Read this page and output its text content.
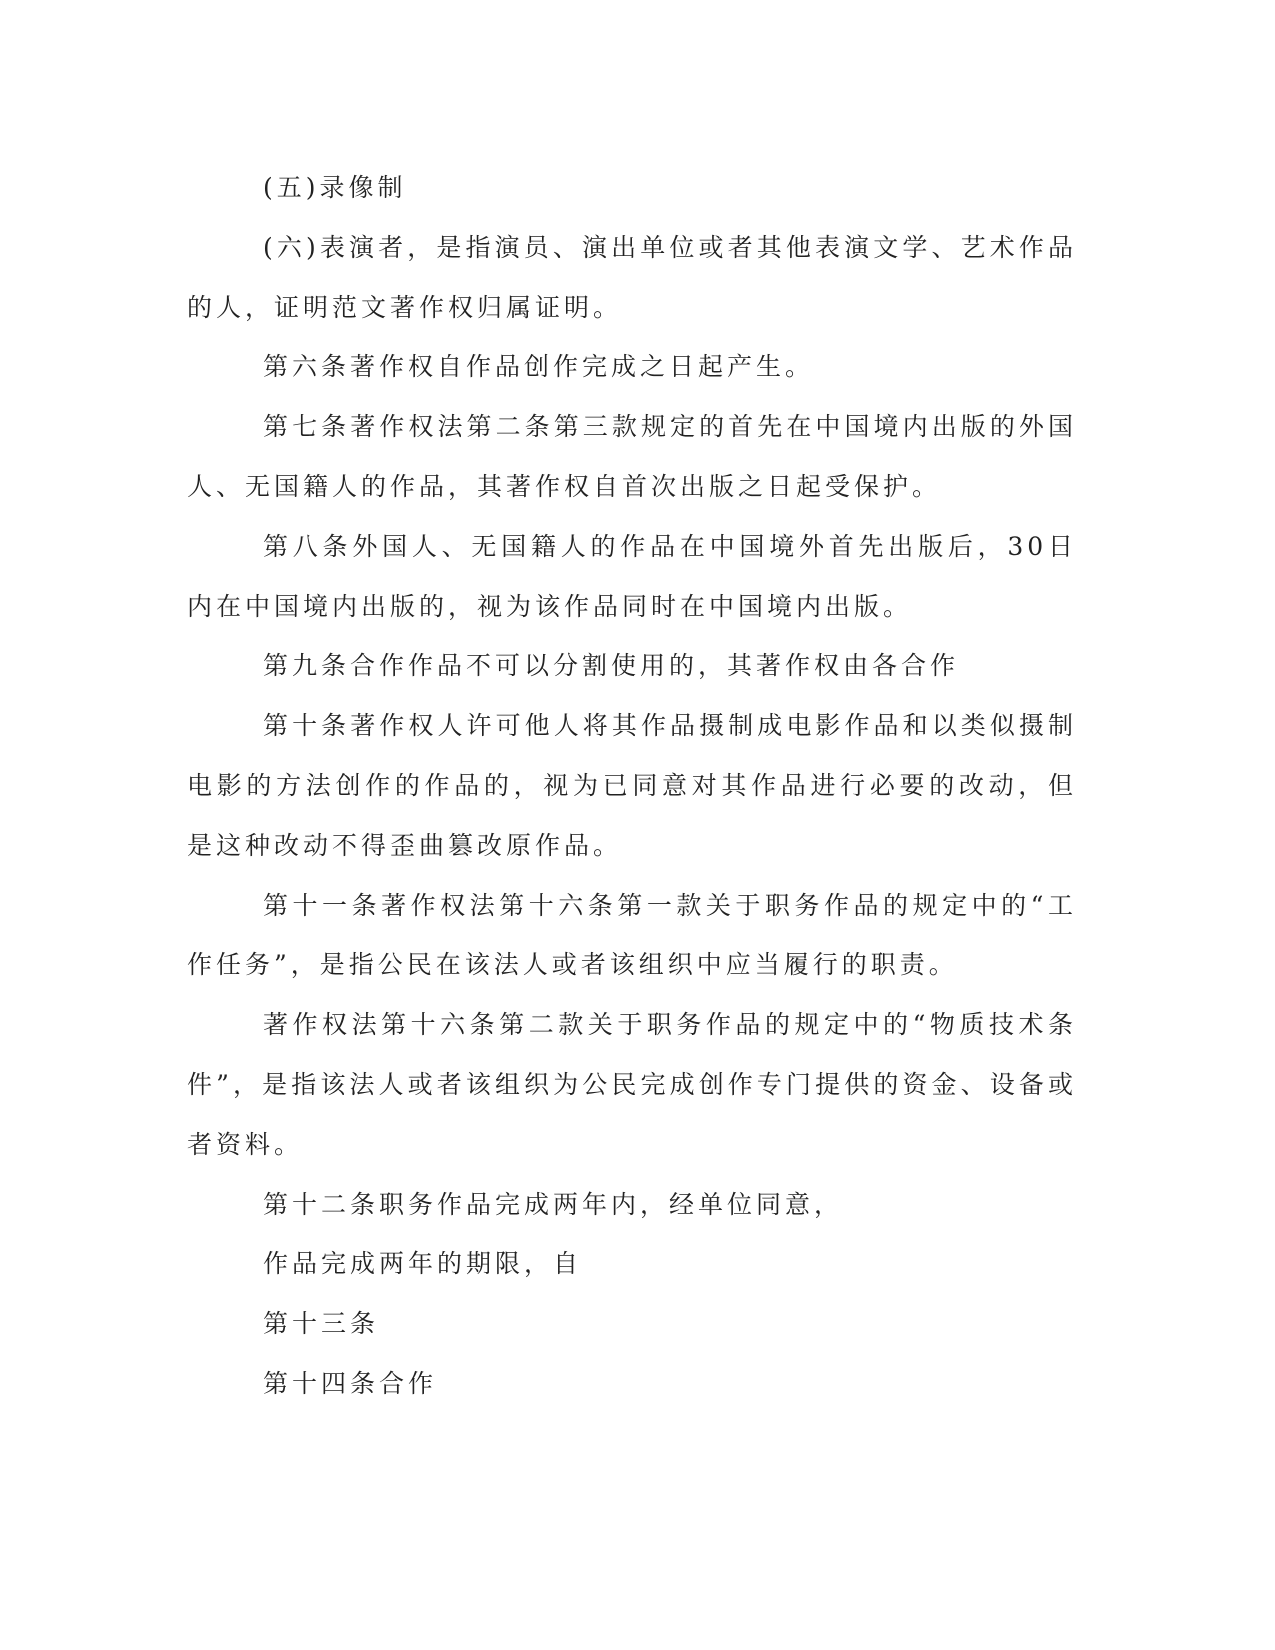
(五)录像制

(六)表演者，是指演员、演出单位或者其他表演文学、艺术作品的人，证明范文著作权归属证明。

第六条著作权自作品创作完成之日起产生。

第七条著作权法第二条第三款规定的首先在中国境内出版的外国人、无国籍人的作品，其著作权自首次出版之日起受保护。

第八条外国人、无国籍人的作品在中国境外首先出版后，30日内在中国境内出版的，视为该作品同时在中国境内出版。

第九条合作作品不可以分割使用的，其著作权由各合作

第十条著作权人许可他人将其作品摄制成电影作品和以类似摄制电影的方法创作的作品的，视为已同意对其作品进行必要的改动，但是这种改动不得歪曲篡改原作品。

第十一条著作权法第十六条第一款关于职务作品的规定中的“工作任务”，是指公民在该法人或者该组织中应当履行的职责。

著作权法第十六条第二款关于职务作品的规定中的“物质技术条件”，是指该法人或者该组织为公民完成创作专门提供的资金、设备或者资料。

第十二条职务作品完成两年内，经单位同意，

作品完成两年的期限，自

第十三条

第十四条合作
